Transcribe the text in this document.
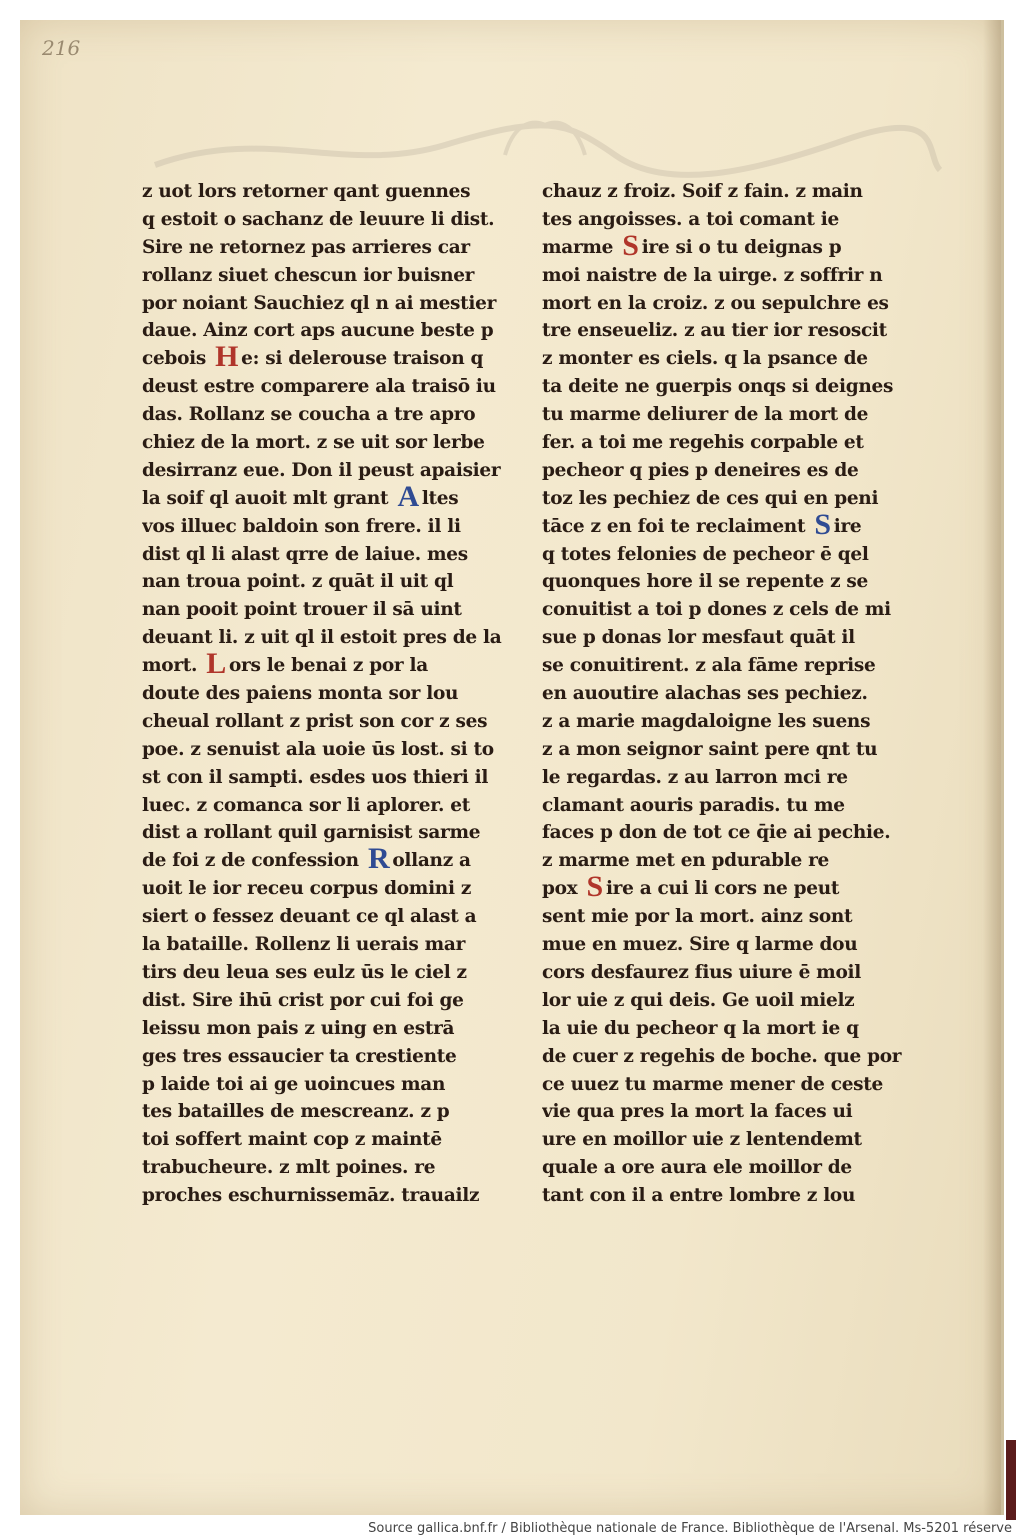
216
z uot lors retorner qant guennes
q estoit o sachanz de leuure li dist.
Sire ne retornez pas arrieres car
rollanz siuet chescun ior buisner
por noiant Sauchiez ql n ai mestier
daue. Ainz cort aps aucune beste p
cebois H e: si delerouse traison q
deust estre comparere ala traisō iu
das. Rollanz se coucha a tre apro
chiez de la mort. z se uit sor lerbe
desirranz eue. Don il peust apaisier
la soif ql auoit mlt grant A ltes
vos illuec baldoin son frere. il li
dist ql li alast qrre de laiue. mes
nan troua point. z quāt il uit ql
nan pooit point trouer il sā uint
deuant li. z uit ql il estoit pres de la
mort. L ors le benai z por la
doute des paiens monta sor lou
cheual rollant z prist son cor z ses
poe. z senuist ala uoie ūs lost. si to
st con il sampti. esdes uos thieri il
luec. z comanca sor li aplorer. et
dist a rollant quil garnisist sarme
de foi z de confession R ollanz a
uoit le ior receu corpus domini z
siert o fessez deuant ce ql alast a
la bataille. Rollenz li uerais mar
tirs deu leua ses eulz ūs le ciel z
dist. Sire ihū crist por cui foi ge
leissu mon pais z uing en estrā
ges tres essaucier ta crestiente
p laide toi ai ge uoincues man
tes batailles de mescreanz. z p
toi soffert maint cop z maintē
trabucheure. z mlt poines. re
proches eschurnissemāz. trauailz
chauz z froiz. Soif z fain. z main
tes angoisses. a toi comant ie
marme S ire si o tu deignas p
moi naistre de la uirge. z soffrir n
mort en la croiz. z ou sepulchre es
tre enseueliz. z au tier ior resoscit
z monter es ciels. q la psance de
ta deite ne guerpis onqs si deignes
tu marme deliurer de la mort de
fer. a toi me regehis corpable et
pecheor q pies p deneires es de
toz les pechiez de ces qui en peni
tāce z en foi te reclaiment S ire
q totes felonies de pecheor ē qel
quonques hore il se repente z se
conuitist a toi p dones z cels de mi
sue p donas lor mesfaut quāt il
se conuitirent. z ala fāme reprise
en auoutire alachas ses pechiez.
z a marie magdaloigne les suens
z a mon seignor saint pere qnt tu
le regardas. z au larron mci re
clamant aouris paradis. tu me
faces p don de tot ce q̄ie ai pechie.
z marme met en pdurable re
pox S ire a cui li cors ne peut
sent mie por la mort. ainz sont
mue en muez. Sire q larme dou
cors desfaurez fius uiure ē moil
lor uie z qui deis. Ge uoil mielz
la uie du pecheor q la mort ie q
de cuer z regehis de boche. que por
ce uuez tu marme mener de ceste
vie qua pres la mort la faces ui
ure en moillor uie z lentendemt
quale a ore aura ele moillor de
tant con il a entre lombre z lou
Source gallica.bnf.fr / Bibliothèque nationale de France. Bibliothèque de l'Arsenal. Ms-5201 réserve
